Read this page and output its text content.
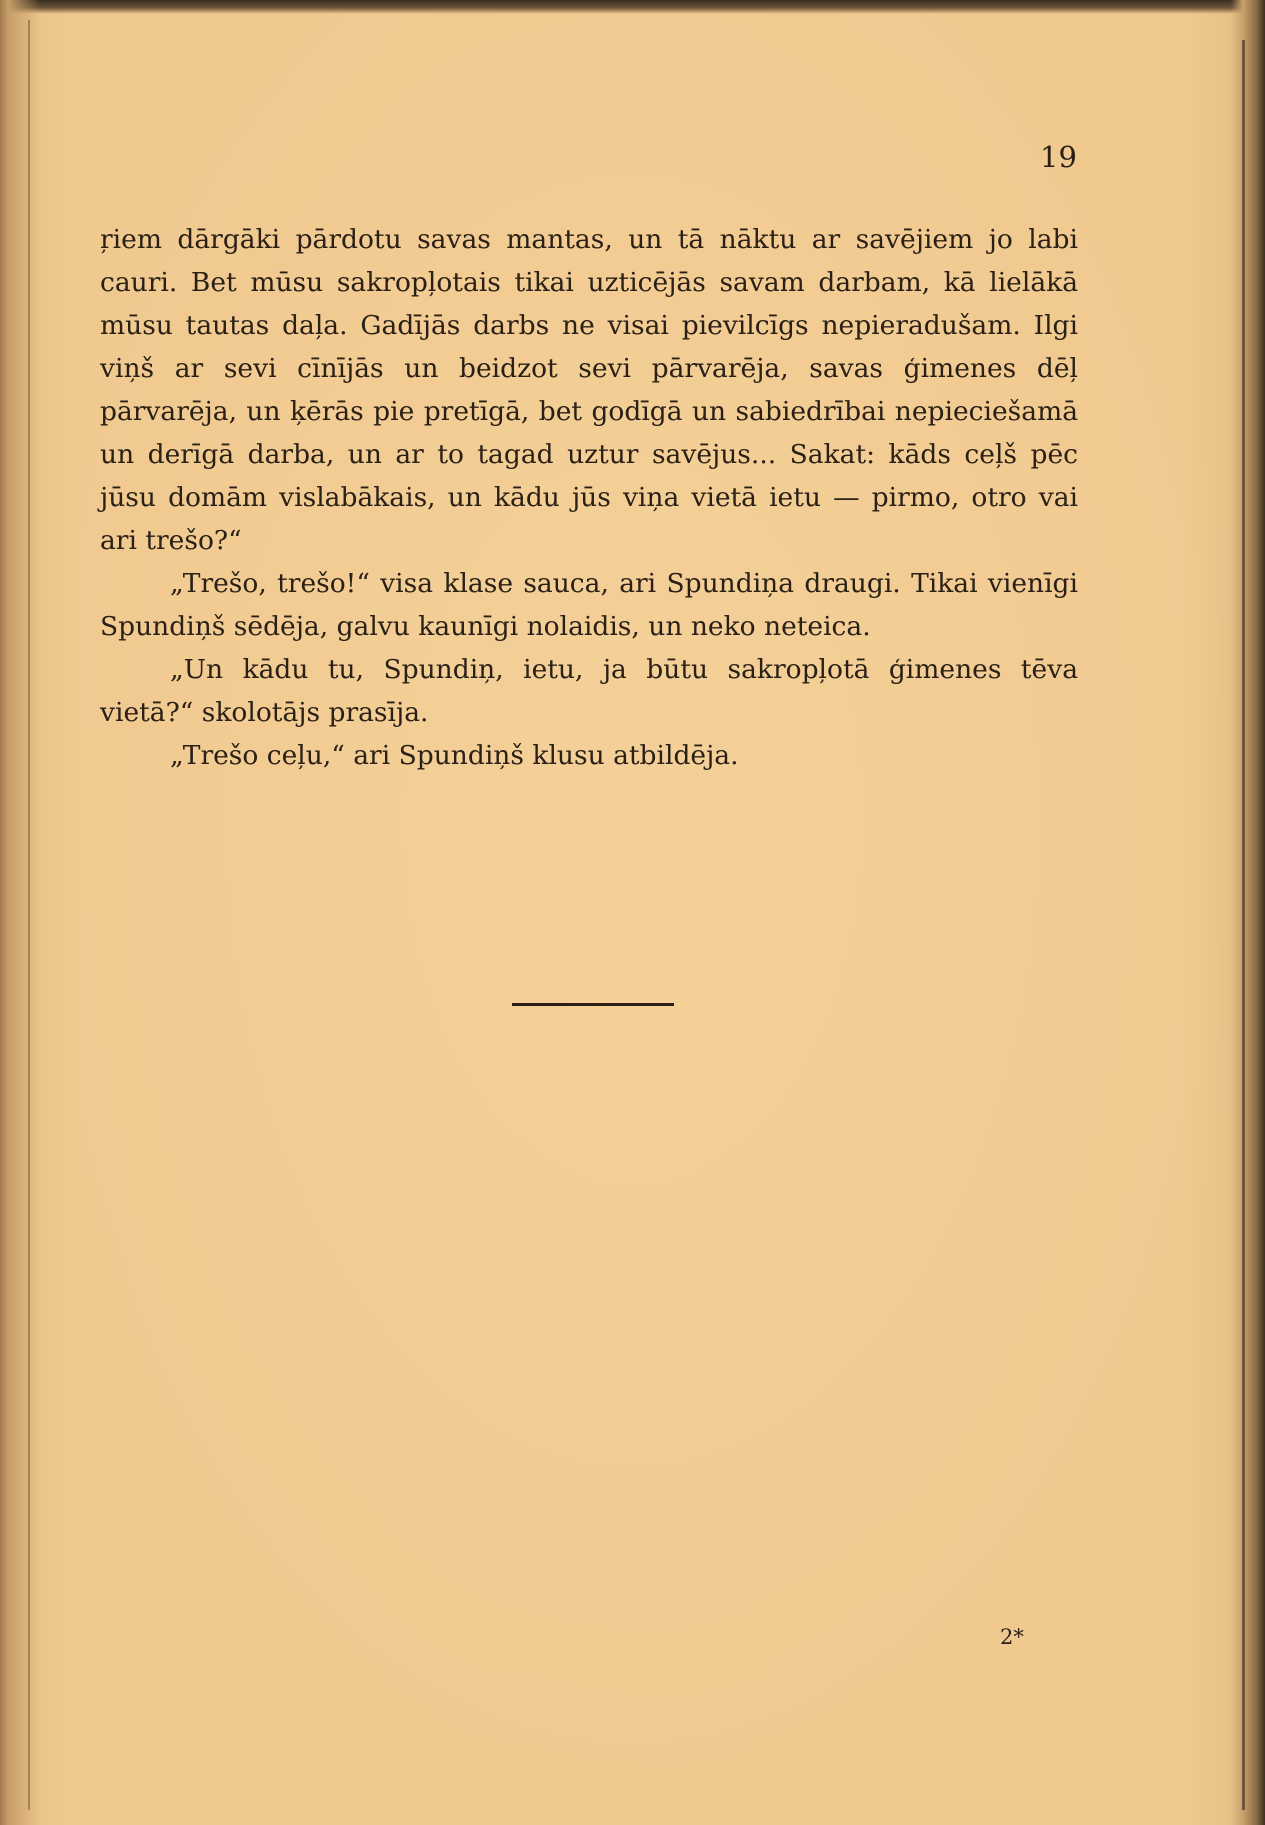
19

ŗiem dārgāki pārdotu savas mantas, un tā nāktu ar savējiem jo labi cauri. Bet mūsu sakropļotais tikai uzticējās savam darbam, kā lielākā mūsu tautas daļa. Gadījās darbs ne visai pievilcīgs nepieradušam. Ilgi viņš ar sevi cīnījās un beidzot sevi pārvarēja, savas ģimenes dēļ pārvarēja, un ķērās pie pretīgā, bet godīgā un sabiedrībai nepieciešamā un derīgā darba, un ar to tagad uztur savējus... Sakat: kāds ceļš pēc jūsu domām vislabākais, un kādu jūs viņa vietā ietu — pirmo, otro vai ari trešo?“

„Trešo, trešo!“ visa klase sauca, ari Spundiņa draugi. Tikai vienīgi Spundiņš sēdēja, galvu kaunīgi nolaidis, un neko neteica.

„Un kādu tu, Spundiņ, ietu, ja būtu sakropļotā ģimenes tēva vietā?“ skolotājs prasīja.

„Trešo ceļu,“ ari Spundiņš klusu atbildēja.

2*
